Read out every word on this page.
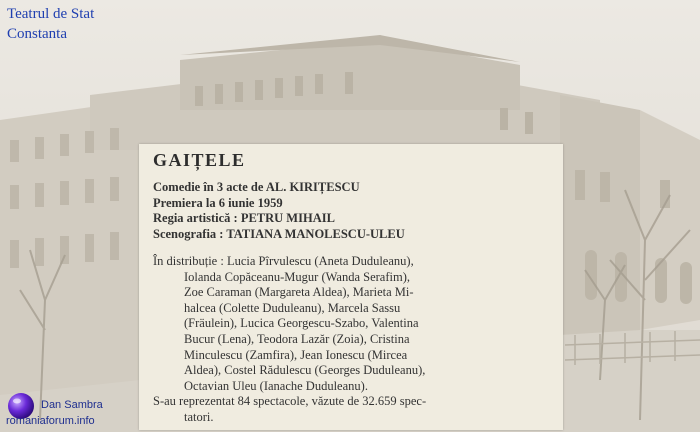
Teatrul de Stat
Constanta
GAIȚELE
Comedie în 3 acte de AL. KIRIȚESCU
Premiera la 6 iunie 1959
Regia artistică : PETRU MIHAIL
Scenografia : TATIANA MANOLESCU-ULEU
În distribuție : Lucia Pîrvulescu (Aneta Duduleanu),
Iolanda Copăceanu-Mugur (Wanda Serafim),
Zoe Caraman (Margareta Aldea), Marieta Mi-
halcea (Colette Duduleanu), Marcela Sassu
(Fräulein), Lucica Georgescu-Szabo, Valentina
Bucur (Lena), Teodora Lazăr (Zoia), Cristina
Minculescu (Zamfira), Jean Ionescu (Mircea
Aldea), Costel Rădulescu (Georges Duduleanu),
Octavian Uleu (Ianache Duduleanu).
S-au reprezentat 84 spectacole, văzute de 32.659 spec-
tatori.
Dan Sambra
romaniaforum.info
